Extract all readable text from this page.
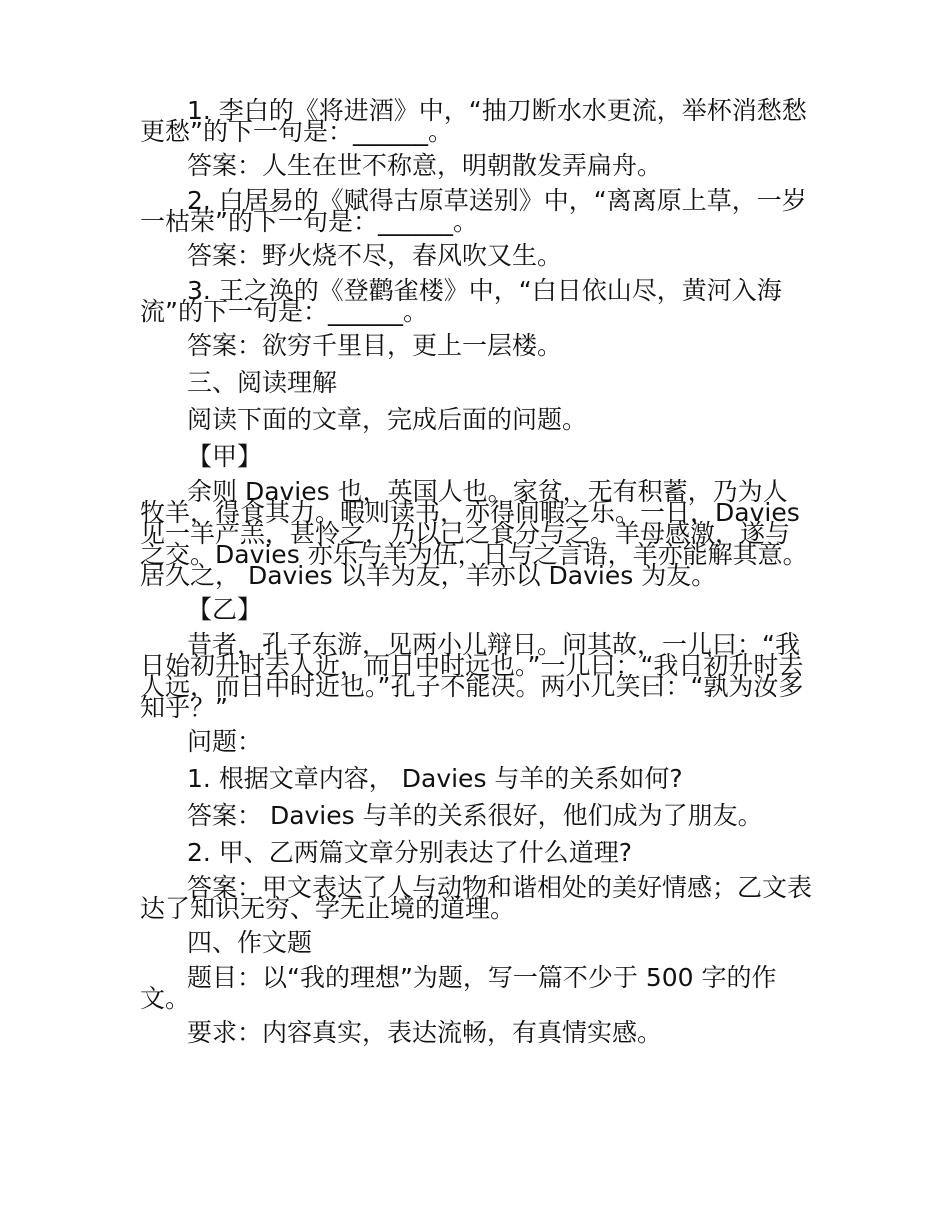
1. 李白的《将进酒》中，“抽刀断水水更流，举杯消愁愁更愁”的下一句是：______。

答案：人生在世不称意，明朝散发弄扁舟。

2. 白居易的《赋得古原草送别》中，“离离原上草，一岁一枯荣”的下一句是：______。

答案：野火烧不尽，春风吹又生。

3. 王之涣的《登鹳雀楼》中，“白日依山尽，黄河入海流”的下一句是：______。

答案：欲穷千里目，更上一层楼。

三、阅读理解

阅读下面的文章，完成后面的问题。

【甲】

余则 Davies 也，英国人也。家贫，无有积蓄，乃为人牧羊，得食其力。暇则读书，亦得间暇之乐。一日，Davies 见一羊产羔，甚怜之，乃以己之食分与之。羊母感激，遂与之交。Davies 亦乐与羊为伍，日与之言语，羊亦能解其意。居久之， Davies 以羊为友，羊亦以 Davies 为友。

【乙】

昔者，孔子东游，见两小儿辩日。问其故，一儿曰：“我日始初升时去人近，而日中时远也。”一儿曰：“我日初升时去人远，而日中时近也。”孔子不能决。两小儿笑曰：“孰为汝多知乎？”

问题：

1. 根据文章内容， Davies 与羊的关系如何?

答案： Davies 与羊的关系很好，他们成为了朋友。

2. 甲、乙两篇文章分别表达了什么道理?

答案：甲文表达了人与动物和谐相处的美好情感；乙文表达了知识无穷、学无止境的道理。

四、作文题

题目：以“我的理想”为题，写一篇不少于 500 字的作文。

要求：内容真实，表达流畅，有真情实感。
